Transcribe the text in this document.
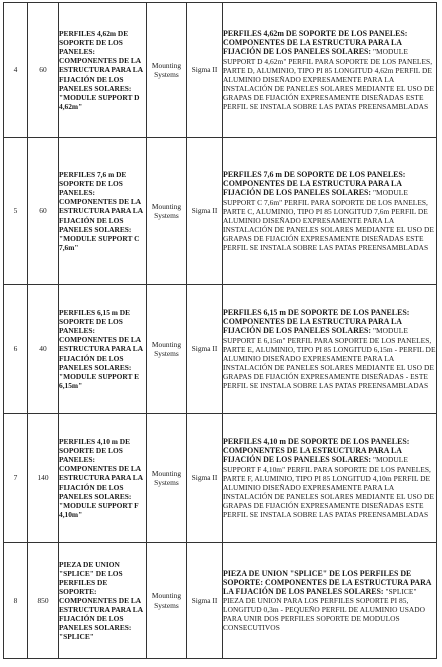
4	60	PERFILES 4,62m DE SOPORTE DE LOS PANELES: COMPONENTES DE LA ESTRUCTURA PARA LA FIJACIÓN DE LOS PANELES SOLARES: "MODULE SUPPORT D 4,62m"	Mounting Systems	Sigma II	PERFILES 4,62m DE SOPORTE DE LOS PANELES: COMPONENTES DE LA ESTRUCTURA PARA LA FIJACIÓN DE LOS PANELES SOLARES: "MODULE SUPPORT D 4,62m" PERFIL PARA SOPORTE DE LOS PANELES, PARTE D, ALUMINIO, TIPO PI 85 LONGITUD 4,62m PERFIL DE ALUMINIO DISEÑADO EXPRESAMENTE PARA LA INSTALACIÓN DE PANELES SOLARES MEDIANTE EL USO DE GRAPAS DE FIJACIÓN EXPRESAMENTE DISEÑADAS ESTE PERFIL SE INSTALA SOBRE LAS PATAS PREENSAMBLADAS
5	60	PERFILES 7,6 m DE SOPORTE DE LOS PANELES: COMPONENTES DE LA ESTRUCTURA PARA LA FIJACIÓN DE LOS PANELES SOLARES: "MODULE SUPPORT C 7,6m"	Mounting Systems	Sigma II	PERFILES 7,6 m DE SOPORTE DE LOS PANELES: COMPONENTES DE LA ESTRUCTURA PARA LA FIJACIÓN DE LOS PANELES SOLARES: "MODULE SUPPORT C 7,6m" PERFIL PARA SOPORTE DE LOS PANELES, PARTE C, ALUMINIO, TIPO PI 85 LONGITUD 7,6m PERFIL DE ALUMINIO DISEÑADO EXPRESAMENTE PARA LA INSTALACIÓN DE PANELES SOLARES MEDIANTE EL USO DE GRAPAS DE FIJACIÓN EXPRESAMENTE DISEÑADAS ESTE PERFIL SE INSTALA SOBRE LAS PATAS PREENSAMBLADAS
6	40	PERFILES 6,15 m DE SOPORTE DE LOS PANELES: COMPONENTES DE LA ESTRUCTURA PARA LA FIJACIÓN DE LOS PANELES SOLARES: "MODULE SUPPORT E 6,15m"	Mounting Systems	Sigma II	PERFILES 6,15 m DE SOPORTE DE LOS PANELES: COMPONENTES DE LA ESTRUCTURA PARA LA FIJACIÓN DE LOS PANELES SOLARES: "MODULE SUPPORT E 6,15m" PERFIL PARA SOPORTE DE LOS PANELES, PARTE E, ALUMINIO, TIPO PI 85 LONGITUD 6,15m - PERFIL DE ALUMINIO DISEÑADO EXPRESAMENTE PARA LA INSTALACIÓN DE PANELES SOLARES MEDIANTE EL USO DE GRAPAS DE FIJACIÓN EXPRESAMENTE DISEÑADAS - ESTE PERFIL SE INSTALA SOBRE LAS PATAS PREENSAMBLADAS
7	140	PERFILES 4,10 m DE SOPORTE DE LOS PANELES: COMPONENTES DE LA ESTRUCTURA PARA LA FIJACIÓN DE LOS PANELES SOLARES: "MODULE SUPPORT F 4,10m"	Mounting Systems	Sigma II	PERFILES 4,10 m DE SOPORTE DE LOS PANELES: COMPONENTES DE LA ESTRUCTURA PARA LA FIJACIÓN DE LOS PANELES SOLARES: "MODULE SUPPORT F 4,10m" PERFIL PARA SOPORTE DE LOS PANELES, PARTE F, ALUMINIO, TIPO PI 85 LONGITUD 4,10m PERFIL DE ALUMINIO DISEÑADO EXPRESAMENTE PARA LA INSTALACIÓN DE PANELES SOLARES MEDIANTE EL USO DE GRAPAS DE FIJACIÓN EXPRESAMENTE DISEÑADAS ESTE PERFIL SE INSTALA SOBRE LAS PATAS PREENSAMBLADAS
8	850	PIEZA DE UNION "SPLICE" DE LOS PERFILES DE SOPORTE: COMPONENTES DE LA ESTRUCTURA PARA LA FIJACIÓN DE LOS PANELES SOLARES: "SPLICE"	Mounting Systems	Sigma II	PIEZA DE UNION "SPLICE" DE LOS PERFILES DE SOPORTE: COMPONENTES DE LA ESTRUCTURA PARA LA FIJACIÓN DE LOS PANELES SOLARES: "SPLICE" PIEZA DE UNION PARA LOS PERFILES SOPORTE PI 85, LONGITUD 0,3m - PEQUEÑO PERFIL DE ALUMINIO USADO PARA UNIR DOS PERFILES SOPORTE DE MODULOS CONSECUTIVOS
